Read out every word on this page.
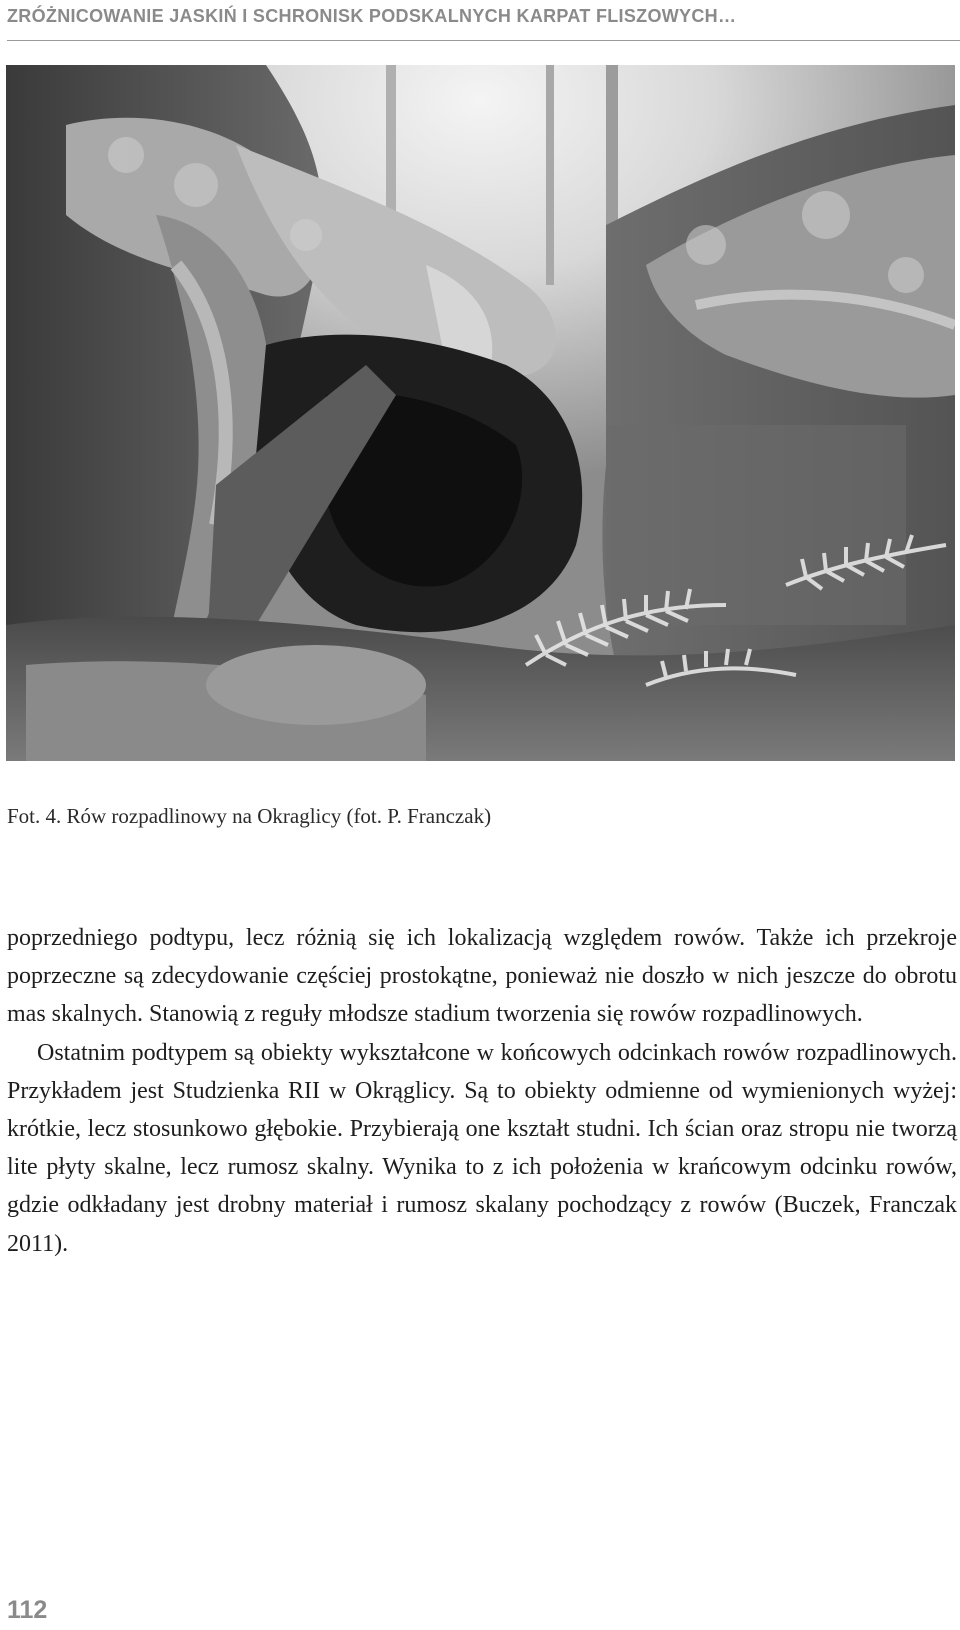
ZRÓŻNICOWANIE JASKIŃ I SCHRONISK PODSKALNYCH KARPAT FLISZOWYCH…
Fot. 4. Rów rozpadlinowy na Okraglicy (fot. P. Franczak)

poprzedniego podtypu, lecz różnią się ich lokalizacją względem rowów. Także ich przekroje poprzeczne są zdecydowanie częściej prostokątne, ponieważ nie doszło w nich jeszcze do obrotu mas skalnych. Stanowią z reguły młodsze stadium tworzenia się rowów rozpadlinowych.

Ostatnim podtypem są obiekty wykształcone w końcowych odcinkach rowów rozpadlinowych. Przykładem jest Studzienka RII w Okrąglicy. Są to obiekty odmienne od wymienionych wyżej: krótkie, lecz stosunkowo głębokie. Przybierają one kształt studni. Ich ścian oraz stropu nie tworzą lite płyty skalne, lecz rumosz skalny. Wynika to z ich położenia w krańcowym odcinku rowów, gdzie odkładany jest drobny materiał i rumosz skalany pochodzący z rowów (Buczek, Franczak 2011).

112
